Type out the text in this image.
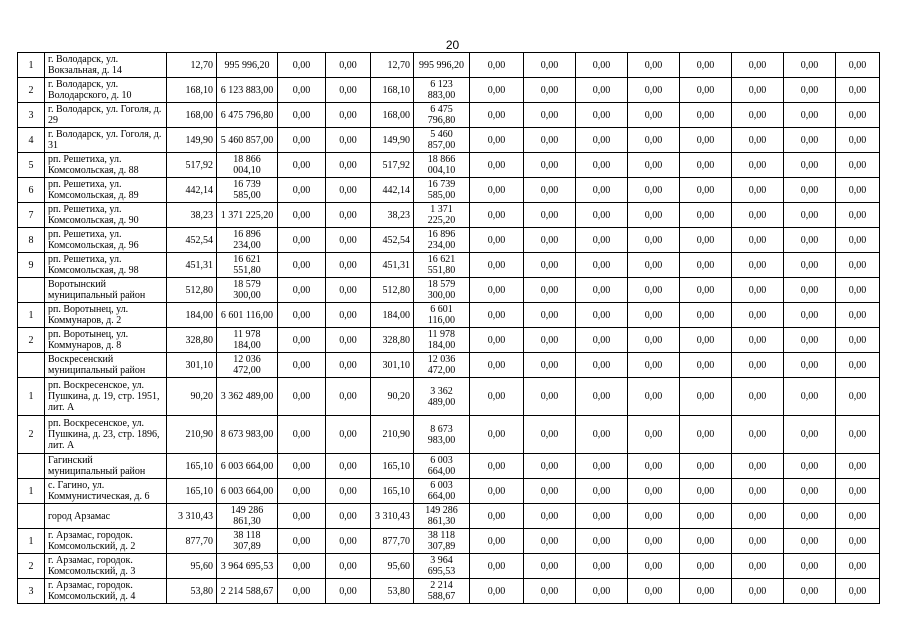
20
1	г. Володарск, ул. Вокзальная, д. 14	12,70	995 996,20	0,00	0,00	12,70	995 996,20	0,00	0,00	0,00	0,00	0,00	0,00	0,00	0,00
2	г. Володарск, ул. Володарского, д. 10	168,10	6 123 883,00	0,00	0,00	168,10	6 123 883,00	0,00	0,00	0,00	0,00	0,00	0,00	0,00	0,00
3	г. Володарск, ул. Гоголя, д. 29	168,00	6 475 796,80	0,00	0,00	168,00	6 475 796,80	0,00	0,00	0,00	0,00	0,00	0,00	0,00	0,00
4	г. Володарск, ул. Гоголя, д. 31	149,90	5 460 857,00	0,00	0,00	149,90	5 460 857,00	0,00	0,00	0,00	0,00	0,00	0,00	0,00	0,00
5	рп. Решетиха, ул. Комсомольская, д. 88	517,92	18 866 004,10	0,00	0,00	517,92	18 866 004,10	0,00	0,00	0,00	0,00	0,00	0,00	0,00	0,00
6	рп. Решетиха, ул. Комсомольская, д. 89	442,14	16 739 585,00	0,00	0,00	442,14	16 739 585,00	0,00	0,00	0,00	0,00	0,00	0,00	0,00	0,00
7	рп. Решетиха, ул. Комсомольская, д. 90	38,23	1 371 225,20	0,00	0,00	38,23	1 371 225,20	0,00	0,00	0,00	0,00	0,00	0,00	0,00	0,00
8	рп. Решетиха, ул. Комсомольская, д. 96	452,54	16 896 234,00	0,00	0,00	452,54	16 896 234,00	0,00	0,00	0,00	0,00	0,00	0,00	0,00	0,00
9	рп. Решетиха, ул. Комсомольская, д. 98	451,31	16 621 551,80	0,00	0,00	451,31	16 621 551,80	0,00	0,00	0,00	0,00	0,00	0,00	0,00	0,00
	Воротынский муниципальный район	512,80	18 579 300,00	0,00	0,00	512,80	18 579 300,00	0,00	0,00	0,00	0,00	0,00	0,00	0,00	0,00
1	рп. Воротынец, ул. Коммунаров, д. 2	184,00	6 601 116,00	0,00	0,00	184,00	6 601 116,00	0,00	0,00	0,00	0,00	0,00	0,00	0,00	0,00
2	рп. Воротынец, ул. Коммунаров, д. 8	328,80	11 978 184,00	0,00	0,00	328,80	11 978 184,00	0,00	0,00	0,00	0,00	0,00	0,00	0,00	0,00
	Воскресенский муниципальный район	301,10	12 036 472,00	0,00	0,00	301,10	12 036 472,00	0,00	0,00	0,00	0,00	0,00	0,00	0,00	0,00
1	рп. Воскресенское, ул. Пушкина, д. 19, стр. 1951, лит. А	90,20	3 362 489,00	0,00	0,00	90,20	3 362 489,00	0,00	0,00	0,00	0,00	0,00	0,00	0,00	0,00
2	рп. Воскресенское, ул. Пушкина, д. 23, стр. 1896, лит. А	210,90	8 673 983,00	0,00	0,00	210,90	8 673 983,00	0,00	0,00	0,00	0,00	0,00	0,00	0,00	0,00
	Гагинский муниципальный район	165,10	6 003 664,00	0,00	0,00	165,10	6 003 664,00	0,00	0,00	0,00	0,00	0,00	0,00	0,00	0,00
1	с. Гагино, ул. Коммунистическая, д. 6	165,10	6 003 664,00	0,00	0,00	165,10	6 003 664,00	0,00	0,00	0,00	0,00	0,00	0,00	0,00	0,00
	город Арзамас	3 310,43	149 286 861,30	0,00	0,00	3 310,43	149 286 861,30	0,00	0,00	0,00	0,00	0,00	0,00	0,00	0,00
1	г. Арзамас, городок. Комсомольский, д. 2	877,70	38 118 307,89	0,00	0,00	877,70	38 118 307,89	0,00	0,00	0,00	0,00	0,00	0,00	0,00	0,00
2	г. Арзамас, городок. Комсомольский, д. 3	95,60	3 964 695,53	0,00	0,00	95,60	3 964 695,53	0,00	0,00	0,00	0,00	0,00	0,00	0,00	0,00
3	г. Арзамас, городок. Комсомольский, д. 4	53,80	2 214 588,67	0,00	0,00	53,80	2 214 588,67	0,00	0,00	0,00	0,00	0,00	0,00	0,00	0,00
